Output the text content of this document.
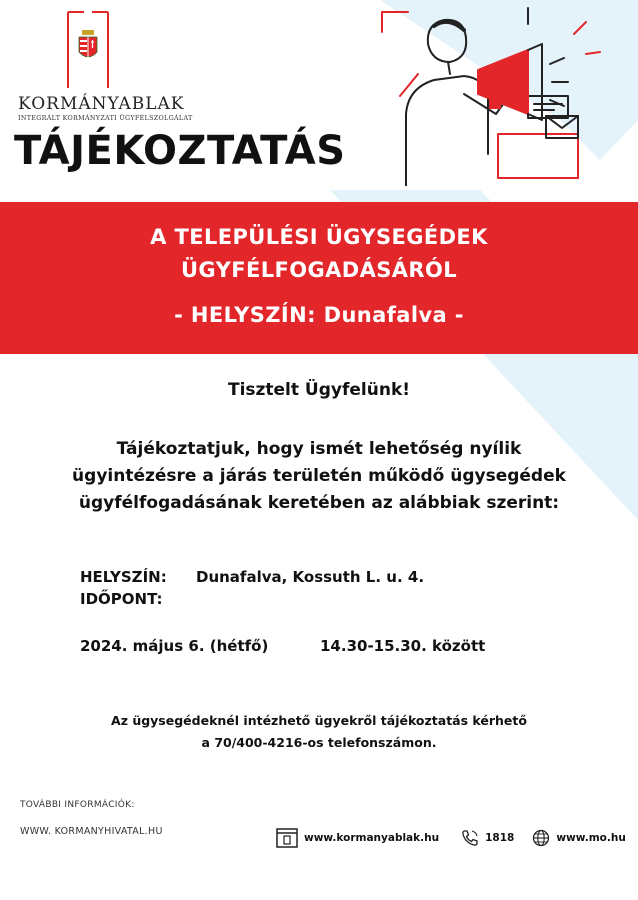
KORMÁNYABLAK
INTEGRÁLT KORMÁNYZATI ÜGYFÉLSZOLGÁLAT
TÁJÉKOZTATÁS
A TELEPÜLÉSI ÜGYSEGÉDEK
ÜGYFÉLFOGADÁSÁRÓL
- HELYSZÍN: Dunafalva -
Tisztelt Ügyfelünk!
Tájékoztatjuk, hogy ismét lehetőség nyílik
ügyintézésre a járás területén működő ügysegédek
ügyfélfogadásának keretében az alábbiak szerint:
HELYSZÍN:	Dunafalva, Kossuth L. u. 4.
IDŐPONT:
2024. május 6. (hétfő)	14.30-15.30. között
Az ügysegédeknél intézhető ügyekről tájékoztatás kérhető
a 70/400-4216-os telefonszámon.
TOVÁBBI INFORMÁCIÓK:
WWW. KORMANYHIVATAL.HU
www.kormanyablak.hu	1818	www.mo.hu
